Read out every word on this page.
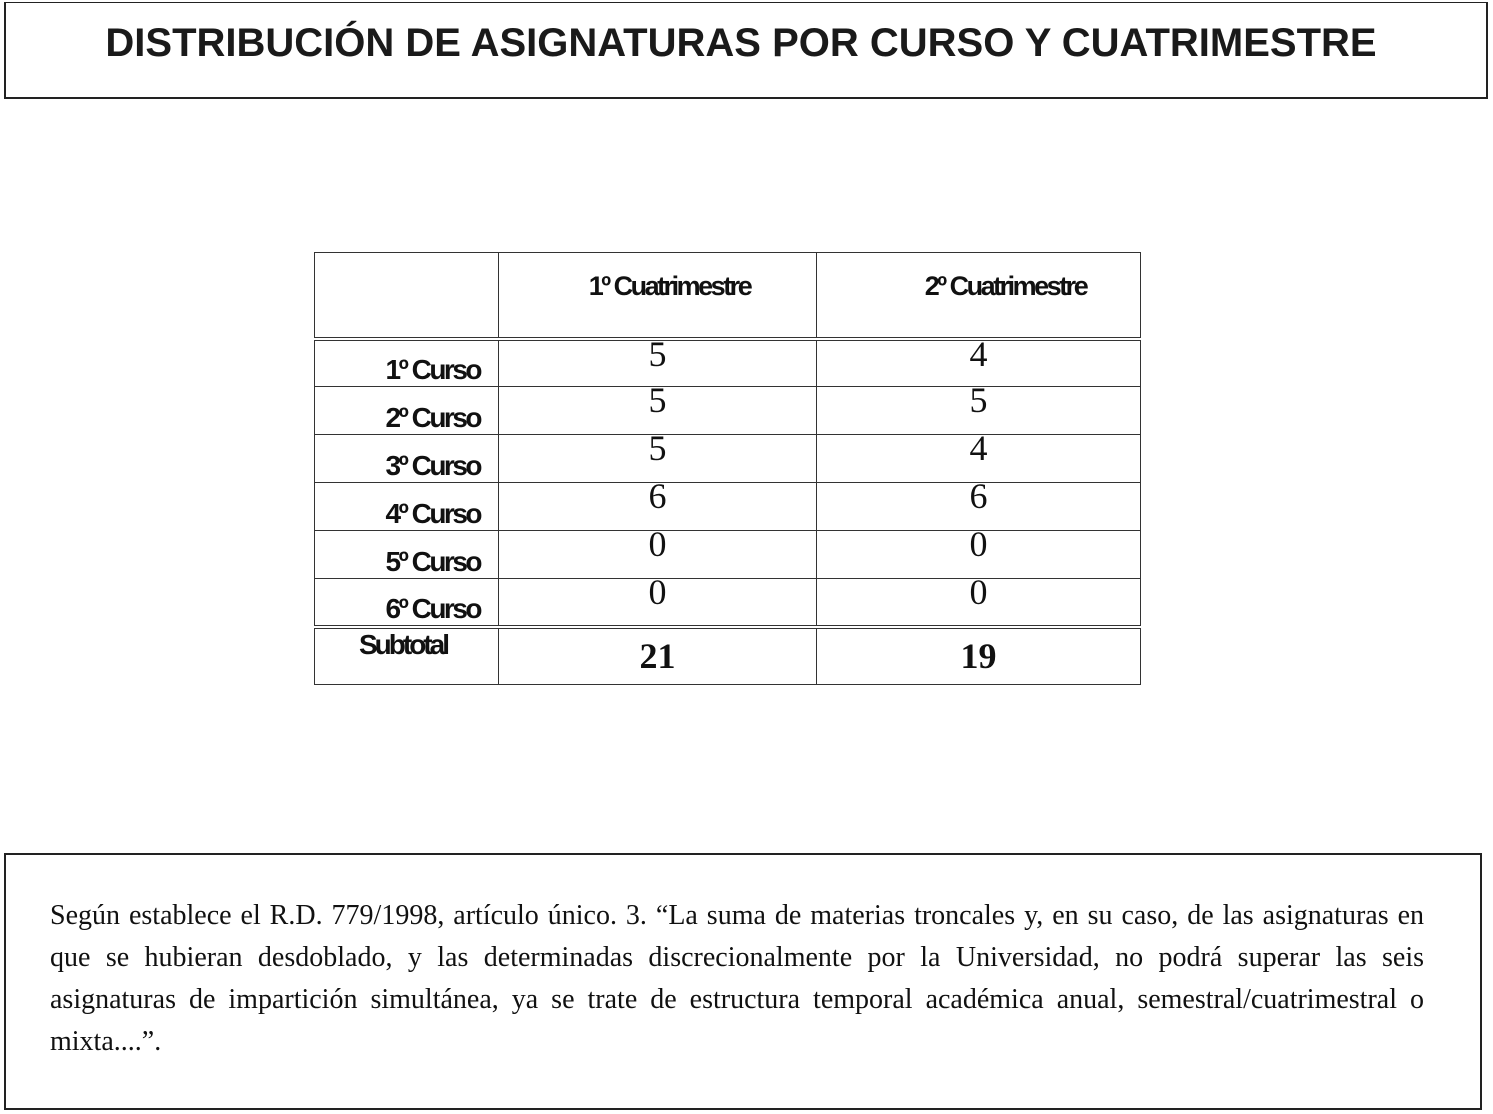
DISTRIBUCIÓN DE ASIGNATURAS POR CURSO Y CUATRIMESTRE
	1º Cuatrimestre	2º Cuatrimestre
1º Curso	5	4
2º Curso	5	5
3º Curso	5	4
4º Curso	6	6
5º Curso	0	0
6º Curso	0	0
Subtotal	21	19
Según establece el R.D. 779/1998, artículo único. 3. “La suma de materias troncales y, en su caso, de las asignaturas en que se hubieran desdoblado, y las determinadas discrecionalmente por la Universidad, no podrá superar las seis asignaturas de impartición simultánea, ya se trate de estructura temporal académica anual, semestral/cuatrimestral o mixta....”.
